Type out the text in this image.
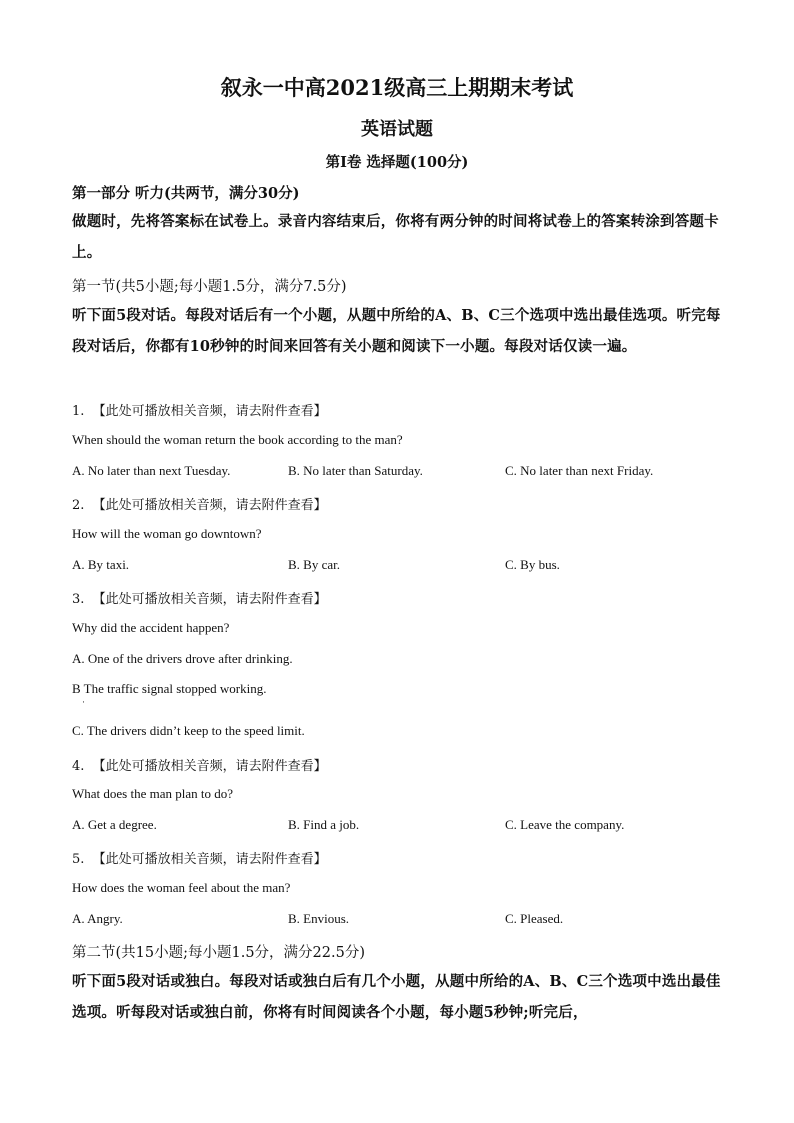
叙永一中高2021级高三上期期末考试
英语试题
第Ⅰ卷 选择题(100分)
第一部分 听力(共两节，满分30分)
做题时，先将答案标在试卷上。录音内容结束后，你将有两分钟的时间将试卷上的答案转涂到答题卡上。
第一节(共5小题;每小题1.5分，满分7.5分)
听下面5段对话。每段对话后有一个小题，从题中所给的A、B、C三个选项中选出最佳选项。听完每段对话后，你都有10秒钟的时间来回答有关小题和阅读下一小题。每段对话仅读一遍。
1. 【此处可播放相关音频，请去附件查看】
When should the woman return the book according to the man?
A. No later than next Tuesday.	B. No later than Saturday.	C. No later than next Friday.
2. 【此处可播放相关音频，请去附件查看】
How will the woman go downtown?
A. By taxi.	B. By car.	C. By bus.
3. 【此处可播放相关音频，请去附件查看】
Why did the accident happen?
A. One of the drivers drove after drinking.
B The traffic signal stopped working.
·
C. The drivers didn’t keep to the speed limit.
4. 【此处可播放相关音频，请去附件查看】
What does the man plan to do?
A. Get a degree.	B. Find a job.	C. Leave the company.
5. 【此处可播放相关音频，请去附件查看】
How does the woman feel about the man?
A. Angry.	B. Envious.	C. Pleased.
第二节(共15小题;每小题1.5分，满分22.5分)
听下面5段对话或独白。每段对话或独白后有几个小题，从题中所给的A、B、C三个选项中选出最佳选项。听每段对话或独白前，你将有时间阅读各个小题，每小题5秒钟;听完后，
